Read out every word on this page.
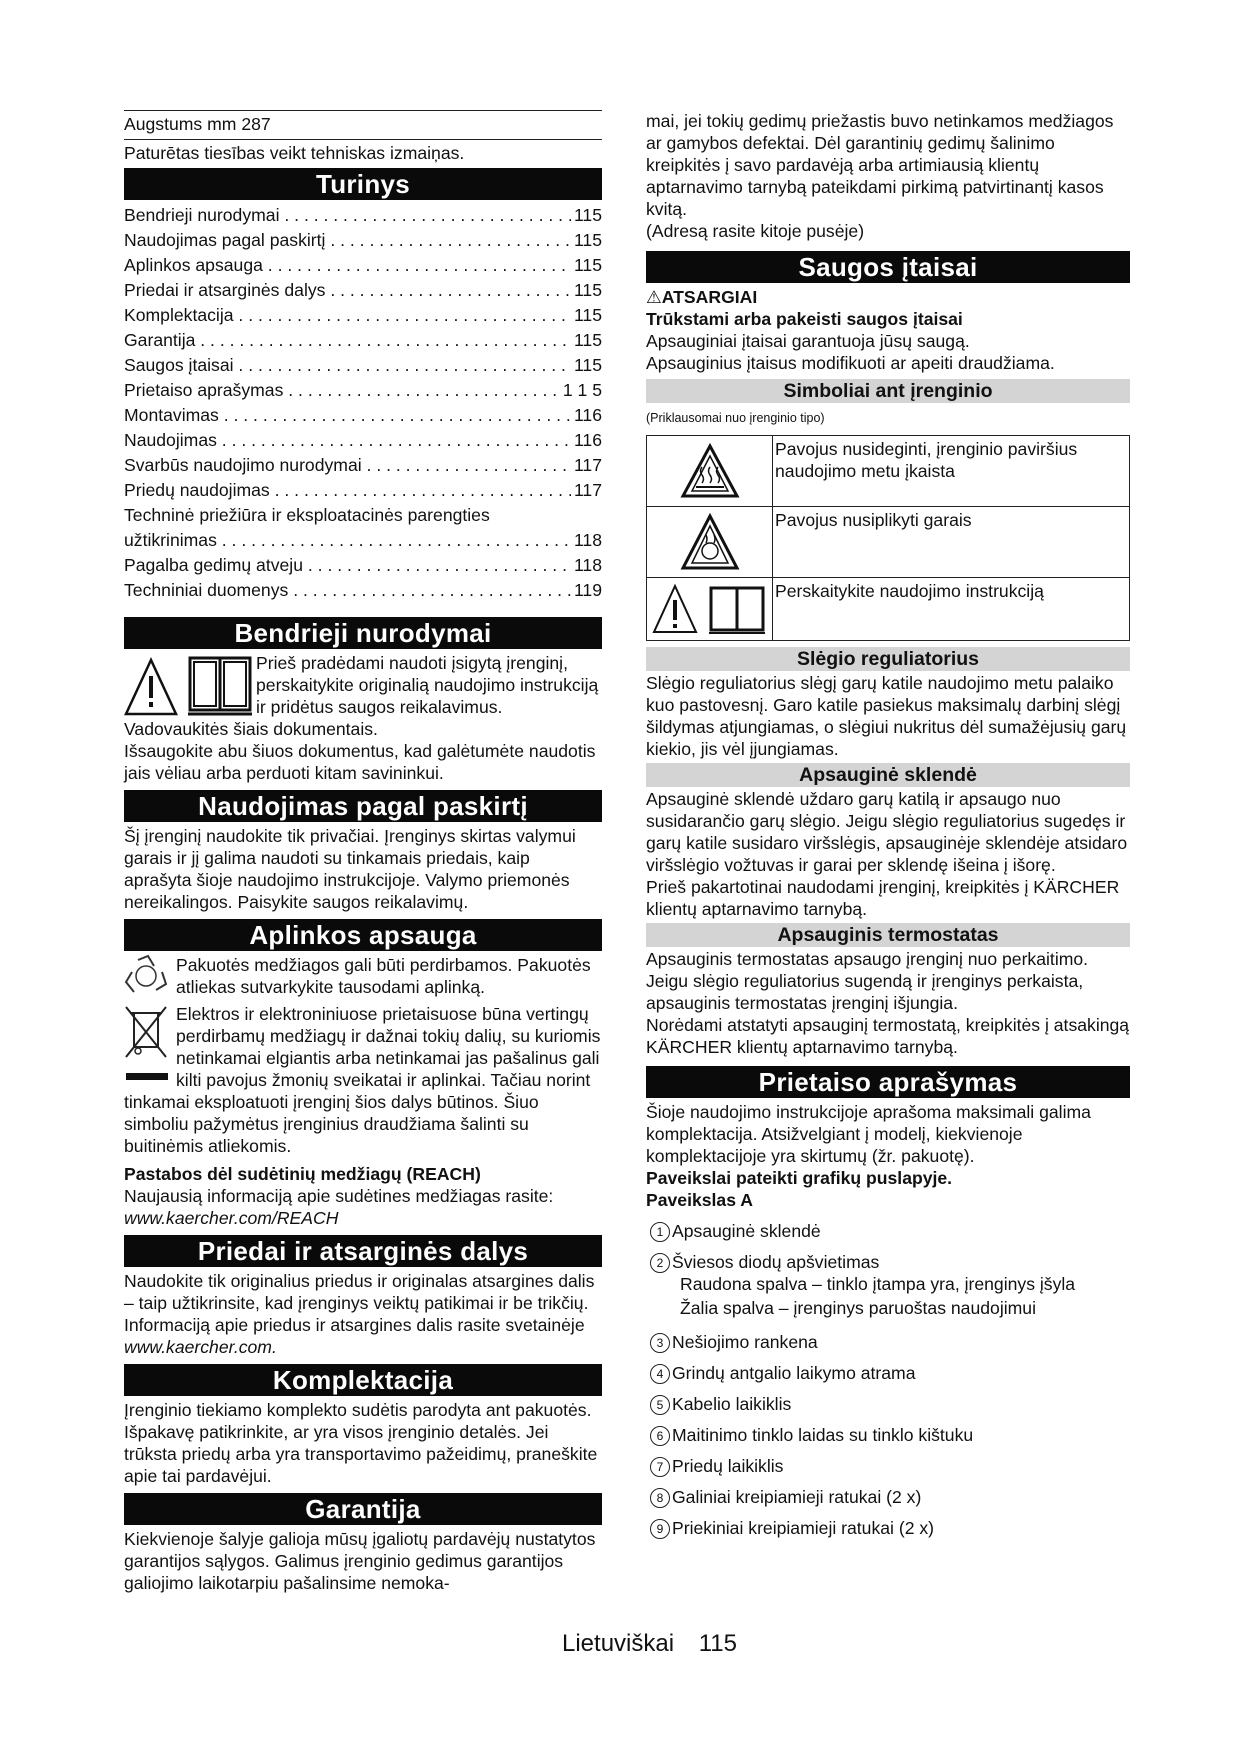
Augstums mm 287
Paturētas tiesības veikt tehniskas izmaiņas.
Turinys
Bendrieji nurodymai . . .	115
Naudojimas pagal paskirtį . . .	115
Aplinkos apsauga . . .	115
Priedai ir atsarginės dalys . . .	115
Komplektacija . . .	115
Garantija . . .	115
Saugos įtaisai . . .	115
Prietaiso aprašymas . . .	1 1 5
Montavimas . . .	116
Naudojimas . . .	116
Svarbūs naudojimo nurodymai . . .	117
Priedų naudojimas . . .	117
Techninė priežiūra ir eksploatacinės parengties
užtikrinimas . . .	118
Pagalba gedimų atveju . . .	118
Techniniai duomenys . . .	119
Bendrieji nurodymai
Prieš pradėdami naudoti įsigytą įrenginį, perskaitykite originalią naudojimo instrukciją ir pridėtus saugos reikalavimus.

Vadovaukitės šiais dokumentais.

Išsaugokite abu šiuos dokumentus, kad galėtumėte naudotis jais vėliau arba perduoti kitam savininkui.

Naudojimas pagal paskirtį

Šį įrenginį naudokite tik privačiai. Įrenginys skirtas valymui garais ir jį galima naudoti su tinkamais priedais, kaip aprašyta šioje naudojimo instrukcijoje. Valymo priemonės nereikalingos. Paisykite saugos reikalavimų.

Aplinkos apsauga
Pakuotės medžiagos gali būti perdirbamos. Pakuotės atliekas sutvarkykite tausodami aplinką.
Elektros ir elektroniniuose prietaisuose būna vertingų perdirbamų medžiagų ir dažnai tokių dalių, su kuriomis netinkamai elgiantis arba netinkamai jas pašalinus gali kilti pavojus žmonių sveikatai ir aplinkai. Tačiau norint tinkamai eksploatuoti įrenginį šios dalys būtinos. Šiuo simboliu pažymėtus įrenginius draudžiama šalinti su buitinėmis atliekomis.

Pastabos dėl sudėtinių medžiagų (REACH)

Naujausią informaciją apie sudėtines medžiagas rasite:

www.kaercher.com/REACH

Priedai ir atsarginės dalys

Naudokite tik originalius priedus ir originalas atsargines dalis – taip užtikrinsite, kad įrenginys veiktų patikimai ir be trikčių.

Informaciją apie priedus ir atsargines dalis rasite svetainėje www.kaercher.com.

Komplektacija

Įrenginio tiekiamo komplekto sudėtis parodyta ant pakuotės. Išpakavę patikrinkite, ar yra visos įrenginio detalės. Jei trūksta priedų arba yra transportavimo pažeidimų, praneškite apie tai pardavėjui.

Garantija

Kiekvienoje šalyje galioja mūsų įgaliotų pardavėjų nustatytos garantijos sąlygos. Galimus įrenginio gedimus garantijos galiojimo laikotarpiu pašalinsime nemoka-

mai, jei tokių gedimų priežastis buvo netinkamos medžiagos ar gamybos defektai. Dėl garantinių gedimų šalinimo kreipkitės į savo pardavėją arba artimiausią klientų aptarnavimo tarnybą pateikdami pirkimą patvirtinantį kasos kvitą.

(Adresą rasite kitoje pusėje)

Saugos įtaisai

⚠ATSARGIAI

Trūkstami arba pakeisti saugos įtaisai

Apsauginiai įtaisai garantuoja jūsų saugą.

Apsauginius įtaisus modifikuoti ar apeiti draudžiama.

Simboliai ant įrenginio

(Priklausomai nuo įrenginio tipo)

Pavojus nusideginti, įrenginio paviršius naudojimo metu įkaista
Pavojus nusiplikyti garais
Perskaitykite naudojimo instrukciją
Slėgio reguliatorius

Slėgio reguliatorius slėgį garų katile naudojimo metu palaiko kuo pastovesnį. Garo katile pasiekus maksimalų darbinį slėgį šildymas atjungiamas, o slėgiui nukritus dėl sumažėjusių garų kiekio, jis vėl įjungiamas.

Apsauginė sklendė

Apsauginė sklendė uždaro garų katilą ir apsaugo nuo susidarančio garų slėgio. Jeigu slėgio reguliatorius sugedęs ir garų katile susidaro viršslėgis, apsauginėje sklendėje atsidaro viršslėgio vožtuvas ir garai per sklendę išeina į išorę.

Prieš pakartotinai naudodami įrenginį, kreipkitės į KÄRCHER klientų aptarnavimo tarnybą.

Apsauginis termostatas

Apsauginis termostatas apsaugo įrenginį nuo perkaitimo. Jeigu slėgio reguliatorius sugendą ir įrenginys perkaista, apsauginis termostatas įrenginį išjungia.

Norėdami atstatyti apsauginį termostatą, kreipkitės į atsakingą KÄRCHER klientų aptarnavimo tarnybą.

Prietaiso aprašymas

Šioje naudojimo instrukcijoje aprašoma maksimali galima komplektacija. Atsižvelgiant į modelį, kiekvienoje komplektacijoje yra skirtumų (žr. pakuotę).

Paveikslai pateikti grafikų puslapyje.

Paveikslas A

1 Apsauginė sklendė
2 Šviesos diodų apšvietimas
Raudona spalva – tinklo įtampa yra, įrenginys įšyla
Žalia spalva – įrenginys paruoštas naudojimui
3 Nešiojimo rankena
4 Grindų antgalio laikymo atrama
5 Kabelio laikiklis
6 Maitinimo tinklo laidas su tinklo kištuku
7 Priedų laikiklis
8 Galiniai kreipiamieji ratukai (2 x)
9 Priekiniai kreipiamieji ratukai (2 x)
Lietuviškai 115
